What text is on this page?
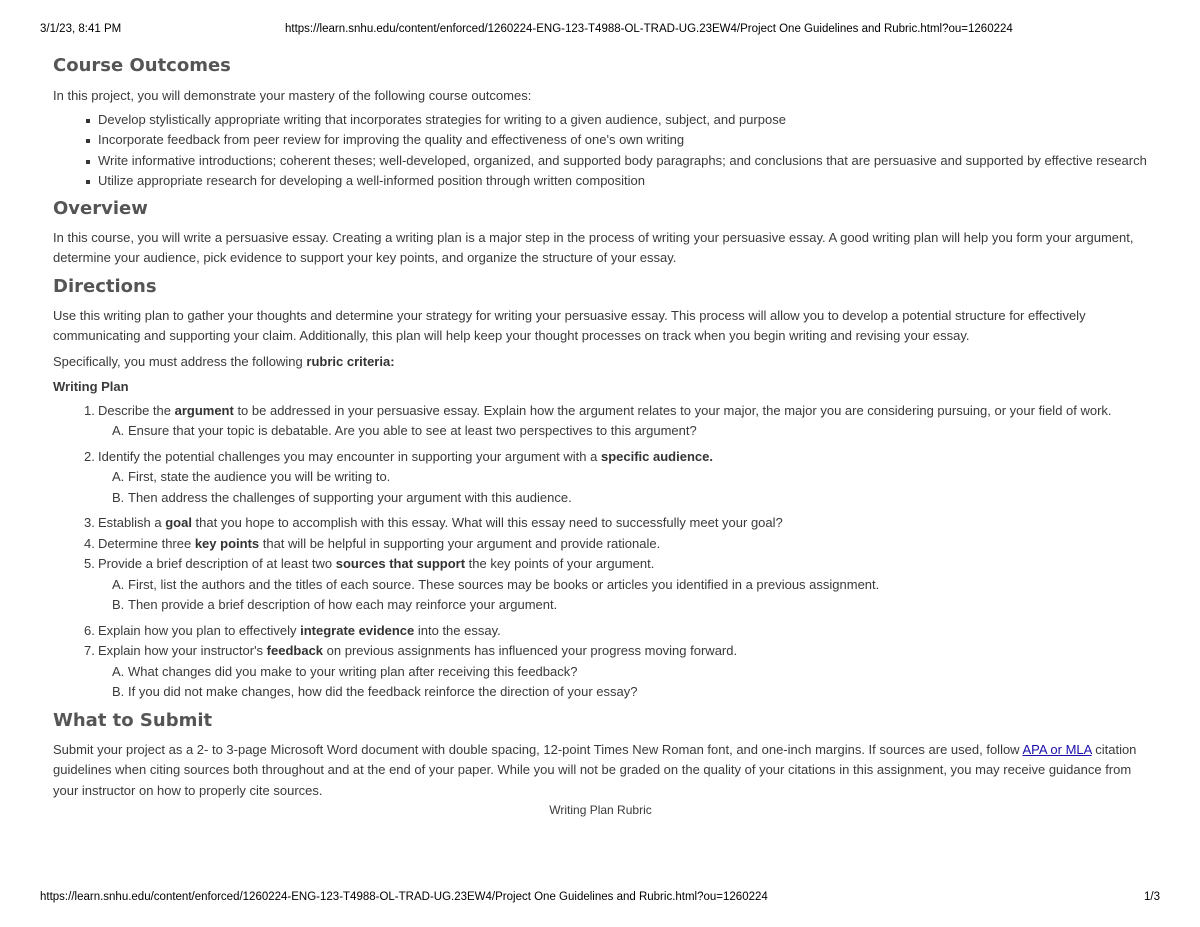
3/1/23, 8:41 PM	https://learn.snhu.edu/content/enforced/1260224-ENG-123-T4988-OL-TRAD-UG.23EW4/Project One Guidelines and Rubric.html?ou=1260224
Course Outcomes

In this project, you will demonstrate your mastery of the following course outcomes:

Develop stylistically appropriate writing that incorporates strategies for writing to a given audience, subject, and purpose
Incorporate feedback from peer review for improving the quality and effectiveness of one's own writing
Write informative introductions; coherent theses; well-developed, organized, and supported body paragraphs; and conclusions that are persuasive and supported by effective research
Utilize appropriate research for developing a well-informed position through written composition
Overview

In this course, you will write a persuasive essay. Creating a writing plan is a major step in the process of writing your persuasive essay. A good writing plan will help you form your argument, determine your audience, pick evidence to support your key points, and organize the structure of your essay.

Directions

Use this writing plan to gather your thoughts and determine your strategy for writing your persuasive essay. This process will allow you to develop a potential structure for effectively communicating and supporting your claim. Additionally, this plan will help keep your thought processes on track when you begin writing and revising your essay.

Specifically, you must address the following rubric criteria:

Writing Plan
1. Describe the argument to be addressed in your persuasive essay. Explain how the argument relates to your major, the major you are considering pursuing, or your field of work.
A. Ensure that your topic is debatable. Are you able to see at least two perspectives to this argument?
2. Identify the potential challenges you may encounter in supporting your argument with a specific audience.
A. First, state the audience you will be writing to.
B. Then address the challenges of supporting your argument with this audience.
3. Establish a goal that you hope to accomplish with this essay. What will this essay need to successfully meet your goal?
4. Determine three key points that will be helpful in supporting your argument and provide rationale.
5. Provide a brief description of at least two sources that support the key points of your argument.
A. First, list the authors and the titles of each source. These sources may be books or articles you identified in a previous assignment.
B. Then provide a brief description of how each may reinforce your argument.
6. Explain how you plan to effectively integrate evidence into the essay.
7. Explain how your instructor's feedback on previous assignments has influenced your progress moving forward.
A. What changes did you make to your writing plan after receiving this feedback?
B. If you did not make changes, how did the feedback reinforce the direction of your essay?
What to Submit

Submit your project as a 2- to 3-page Microsoft Word document with double spacing, 12-point Times New Roman font, and one-inch margins. If sources are used, follow APA or MLA citation guidelines when citing sources both throughout and at the end of your paper. While you will not be graded on the quality of your citations in this assignment, you may receive guidance from your instructor on how to properly cite sources.

Writing Plan Rubric
https://learn.snhu.edu/content/enforced/1260224-ENG-123-T4988-OL-TRAD-UG.23EW4/Project One Guidelines and Rubric.html?ou=1260224	1/3
